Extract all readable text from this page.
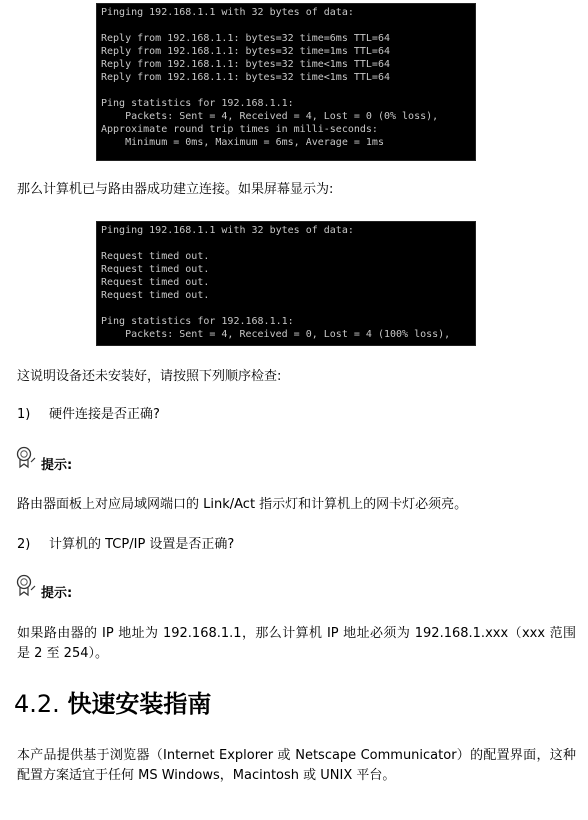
Pinging 192.168.1.1 with 32 bytes of data:
Reply from 192.168.1.1: bytes=32 time=6ms TTL=64
Reply from 192.168.1.1: bytes=32 time=1ms TTL=64
Reply from 192.168.1.1: bytes=32 time<1ms TTL=64
Reply from 192.168.1.1: bytes=32 time<1ms TTL=64
Ping statistics for 192.168.1.1:
Packets: Sent = 4, Received = 4, Lost = 0 (0% loss),
Approximate round trip times in milli-seconds:
Minimum = 0ms, Maximum = 6ms, Average = 1ms

那么计算机已与路由器成功建立连接。如果屏幕显示为:

Pinging 192.168.1.1 with 32 bytes of data:
Request timed out.
Request timed out.
Request timed out.
Request timed out.
Ping statistics for 192.168.1.1:
Packets: Sent = 4, Received = 0, Lost = 4 (100% loss),

这说明设备还未安装好，请按照下列顺序检查:

1) 硬件连接是否正确?
提示:

路由器面板上对应局域网端口的 Link/Act 指示灯和计算机上的网卡灯必须亮。

2) 计算机的 TCP/IP 设置是否正确?
提示:

如果路由器的 IP 地址为 192.168.1.1，那么计算机 IP 地址必须为 192.168.1.xxx（xxx 范围是 2 至 254）。

4.2. 快速安装指南

本产品提供基于浏览器（Internet Explorer 或 Netscape Communicator）的配置界面，这种配置方案适宜于任何 MS Windows，Macintosh 或 UNIX 平台。
